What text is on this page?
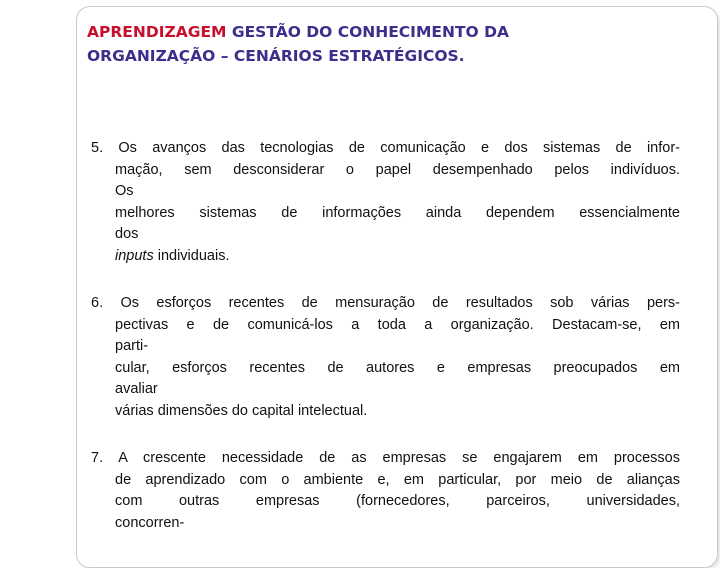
APRENDIZAGEM GESTÃO DO CONHECIMENTO DA
ORGANIZAÇÃO – CENÁRIOS ESTRATÉGICOS.
5. Os avanços das tecnologias de comunicação e dos sistemas de infor-
mação, sem desconsiderar o papel desempenhado pelos indivíduos.
Os
melhores sistemas de informações ainda dependem essencialmente
dos
inputs individuais.
6. Os esforços recentes de mensuração de resultados sob várias pers-
pectivas e de comunicá-los a toda a organização. Destacam-se, em
parti-
cular, esforços recentes de autores e empresas preocupados em
avaliar
várias dimensões do capital intelectual.
7. A crescente necessidade de as empresas se engajarem em processos
de aprendizado com o ambiente e, em particular, por meio de alianças
com outras empresas (fornecedores, parceiros, universidades,
concorren-
